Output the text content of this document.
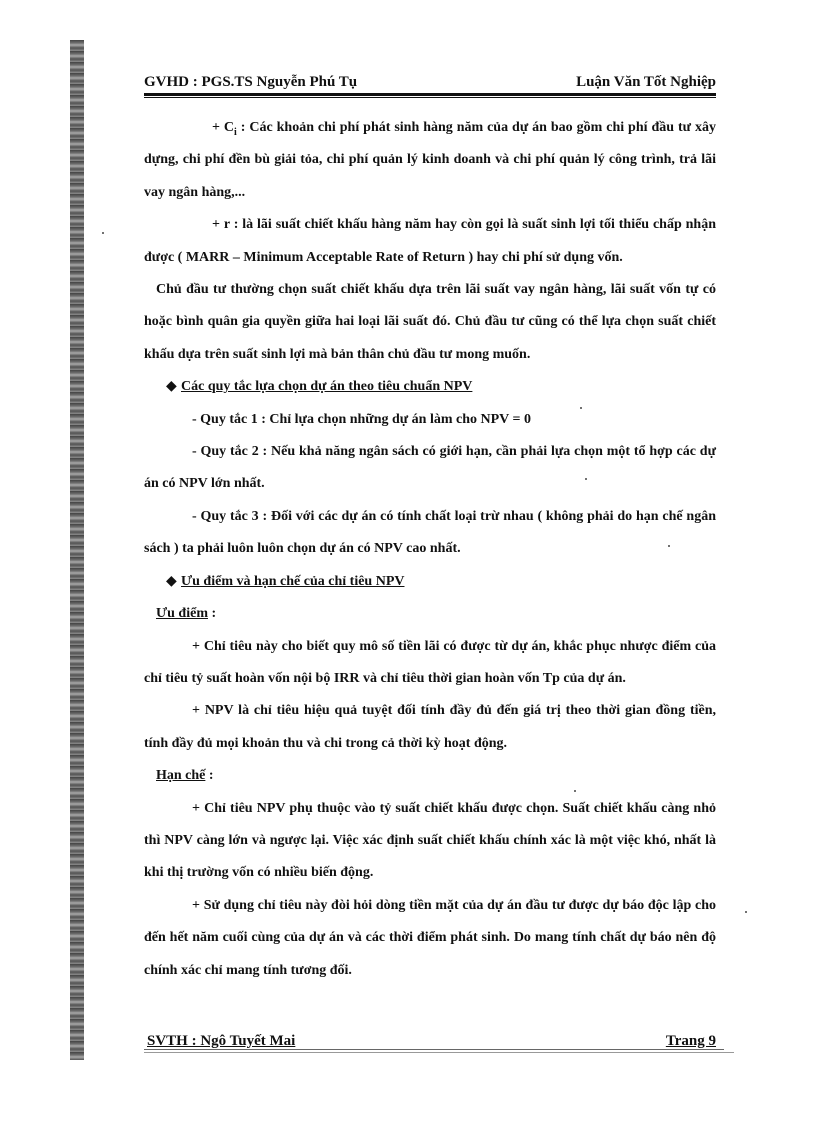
GVHD : PGS.TS Nguyễn Phú Tụ	Luận Văn Tốt Nghiệp

+ $C_i$ : Các khoản chi phí phát sinh hàng năm của dự án bao gồm chi phí đầu tư xây dựng, chi phí đền bù giải tỏa, chi phí quản lý kinh doanh và chi phí quản lý công trình, trả lãi vay ngân hàng,...

+ r : là lãi suất chiết khấu hàng năm hay còn gọi là suất sinh lợi tối thiểu chấp nhận được ( MARR – Minimum Acceptable Rate of Return ) hay chi phí sử dụng vốn.

Chủ đầu tư thường chọn suất chiết khấu dựa trên lãi suất vay ngân hàng, lãi suất vốn tự có hoặc bình quân gia quyền giữa hai loại lãi suất đó. Chủ đầu tư cũng có thể lựa chọn suất chiết khấu dựa trên suất sinh lợi mà bản thân chủ đầu tư mong muốn.

◆ Các quy tắc lựa chọn dự án theo tiêu chuẩn NPV

- Quy tắc 1 : Chỉ lựa chọn những dự án làm cho NPV = 0

- Quy tắc 2 : Nếu khả năng ngân sách có giới hạn, cần phải lựa chọn một tổ hợp các dự án có NPV lớn nhất.

- Quy tắc 3 : Đối với các dự án có tính chất loại trừ nhau ( không phải do hạn chế ngân sách ) ta phải luôn luôn chọn dự án có NPV cao nhất.

◆ Ưu điểm và hạn chế của chỉ tiêu NPV

Ưu điểm :

+ Chỉ tiêu này cho biết quy mô số tiền lãi có được từ dự án, khắc phục nhược điểm của chỉ tiêu tỷ suất hoàn vốn nội bộ IRR và chỉ tiêu thời gian hoàn vốn Tp của dự án.

+ NPV là chỉ tiêu hiệu quả tuyệt đối tính đầy đủ đến giá trị theo thời gian đồng tiền, tính đầy đủ mọi khoản thu và chi trong cả thời kỳ hoạt động.

Hạn chế :

+ Chỉ tiêu NPV phụ thuộc vào tỷ suất chiết khấu được chọn. Suất chiết khấu càng nhỏ thì NPV càng lớn và ngược lại. Việc xác định suất chiết khấu chính xác là một việc khó, nhất là khi thị trường vốn có nhiều biến động.

+ Sử dụng chỉ tiêu này đòi hỏi dòng tiền mặt của dự án đầu tư được dự báo độc lập cho đến hết năm cuối cùng của dự án và các thời điểm phát sinh. Do mang tính chất dự báo nên độ chính xác chỉ mang tính tương đối.

SVTH : Ngô Tuyết Mai	Trang 9
